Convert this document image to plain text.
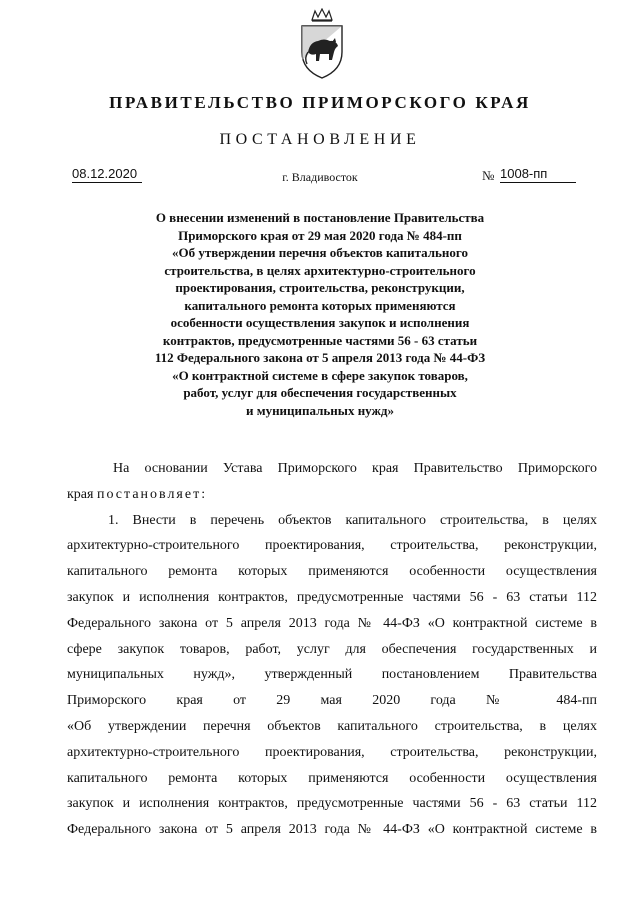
ПРАВИТЕЛЬСТВО ПРИМОРСКОГО КРАЯ
ПОСТАНОВЛЕНИЕ
08.12.2020	г. Владивосток	№ 1008-пп
О внесении изменений в постановление Правительства
Приморского края от 29 мая 2020 года № 484-пп
«Об утверждении перечня объектов капитального
строительства, в целях архитектурно-строительного
проектирования, строительства, реконструкции,
капитального ремонта которых применяются
особенности осуществления закупок и исполнения
контрактов, предусмотренные частями 56 - 63 статьи
112 Федерального закона от 5 апреля 2013 года № 44-ФЗ
«О контрактной системе в сфере закупок товаров,
работ, услуг для обеспечения государственных
и муниципальных нужд»
На основании Устава Приморского края Правительство Приморского
края постановляет:
1. Внести в перечень объектов капитального строительства, в целях
архитектурно-строительного проектирования, строительства, реконструкции,
капитального ремонта которых применяются особенности осуществления
закупок и исполнения контрактов, предусмотренные частями 56 - 63 статьи 112
Федерального закона от 5 апреля 2013 года № 44-ФЗ «О контрактной системе в
сфере закупок товаров, работ, услуг для обеспечения государственных и
муниципальных нужд», утвержденный постановлением Правительства
Приморского края от 29 мая 2020 года № 484-пп
«Об утверждении перечня объектов капитального строительства, в целях
архитектурно-строительного проектирования, строительства, реконструкции,
капитального ремонта которых применяются особенности осуществления
закупок и исполнения контрактов, предусмотренные частями 56 - 63 статьи 112
Федерального закона от 5 апреля 2013 года № 44-ФЗ «О контрактной системе в
